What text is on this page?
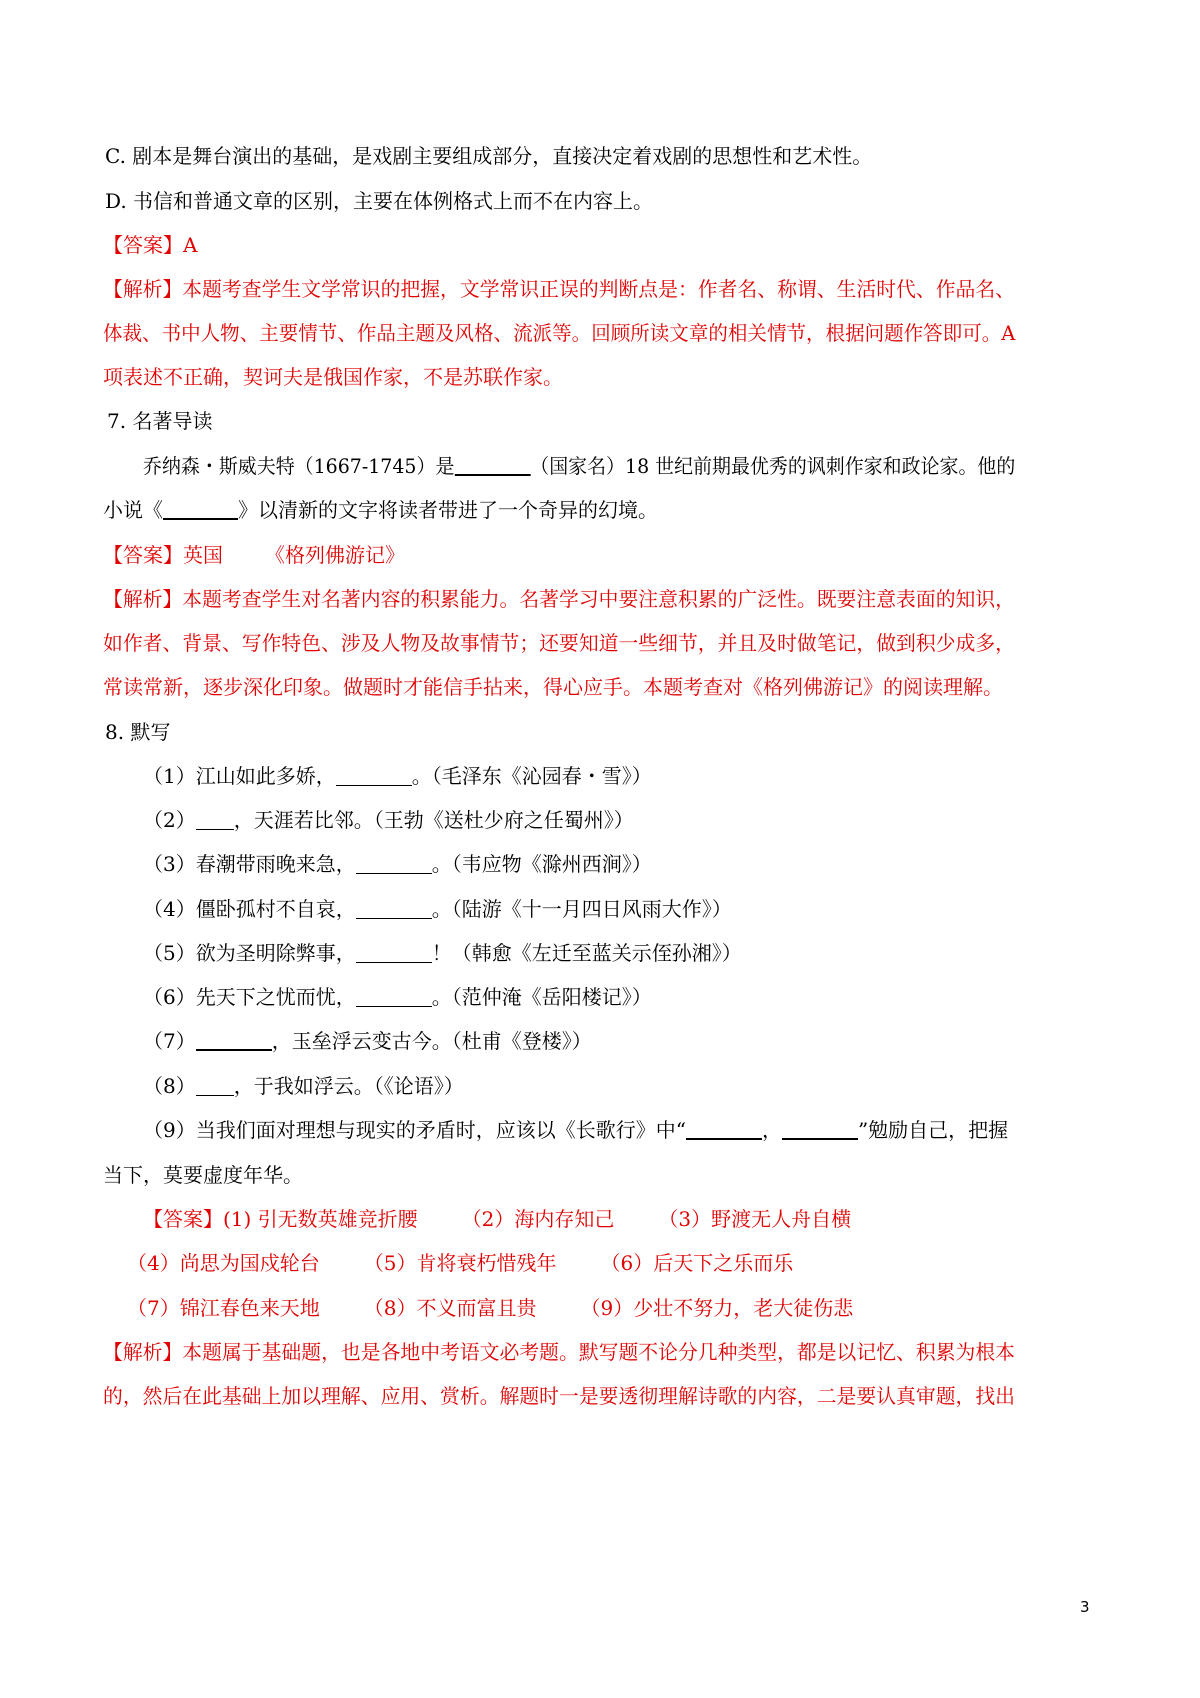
C. 剧本是舞台演出的基础，是戏剧主要组成部分，直接决定着戏剧的思想性和艺术性。
D. 书信和普通文章的区别，主要在体例格式上而不在内容上。
【答案】A
【解析】本题考查学生文学常识的把握，文学常识正误的判断点是：作者名、称谓、生活时代、作品名、
体裁、书中人物、主要情节、作品主题及风格、流派等。回顾所读文章的相关情节，根据问题作答即可。A
项表述不正确，契诃夫是俄国作家，不是苏联作家。
7. 名著导读
乔纳森・斯威夫特（1667-1745）是	（国家名）18 世纪前期最优秀的讽刺作家和政论家。他的
小说《	》以清新的文字将读者带进了一个奇异的幻境。
【答案】英国 《格列佛游记》
【解析】本题考查学生对名著内容的积累能力。名著学习中要注意积累的广泛性。既要注意表面的知识，
如作者、背景、写作特色、涉及人物及故事情节；还要知道一些细节，并且及时做笔记，做到积少成多，
常读常新，逐步深化印象。做题时才能信手拈来，得心应手。本题考查对《格列佛游记》的阅读理解。
8. 默写
（1）江山如此多娇，	。（毛泽东《沁园春・雪》）
（2） ，天涯若比邻。（王勃《送杜少府之任蜀州》）
（3）春潮带雨晚来急，	。（韦应物《滁州西涧》）
（4）僵卧孤村不自哀，	。（陆游《十一月四日风雨大作》）
（5）欲为圣明除弊事，	！（韩愈《左迁至蓝关示侄孙湘》）
（6）先天下之忧而忧，	。（范仲淹《岳阳楼记》）
（7）	，玉垒浮云变古今。（杜甫《登楼》）
（8） ，于我如浮云。（《论语》）
（9）当我们面对理想与现实的矛盾时，应该以《长歌行》中“	，	”勉励自己，把握
当下，莫要虚度年华。
【答案】(1) 引无数英雄竞折腰 （2）海内存知己 （3）野渡无人舟自横
（4）尚思为国戍轮台 （5）肯将衰朽惜残年 （6）后天下之乐而乐
（7）锦江春色来天地 （8）不义而富且贵 （9）少壮不努力，老大徒伤悲
【解析】本题属于基础题，也是各地中考语文必考题。默写题不论分几种类型，都是以记忆、积累为根本
的，然后在此基础上加以理解、应用、赏析。解题时一是要透彻理解诗歌的内容，二是要认真审题，找出
3
